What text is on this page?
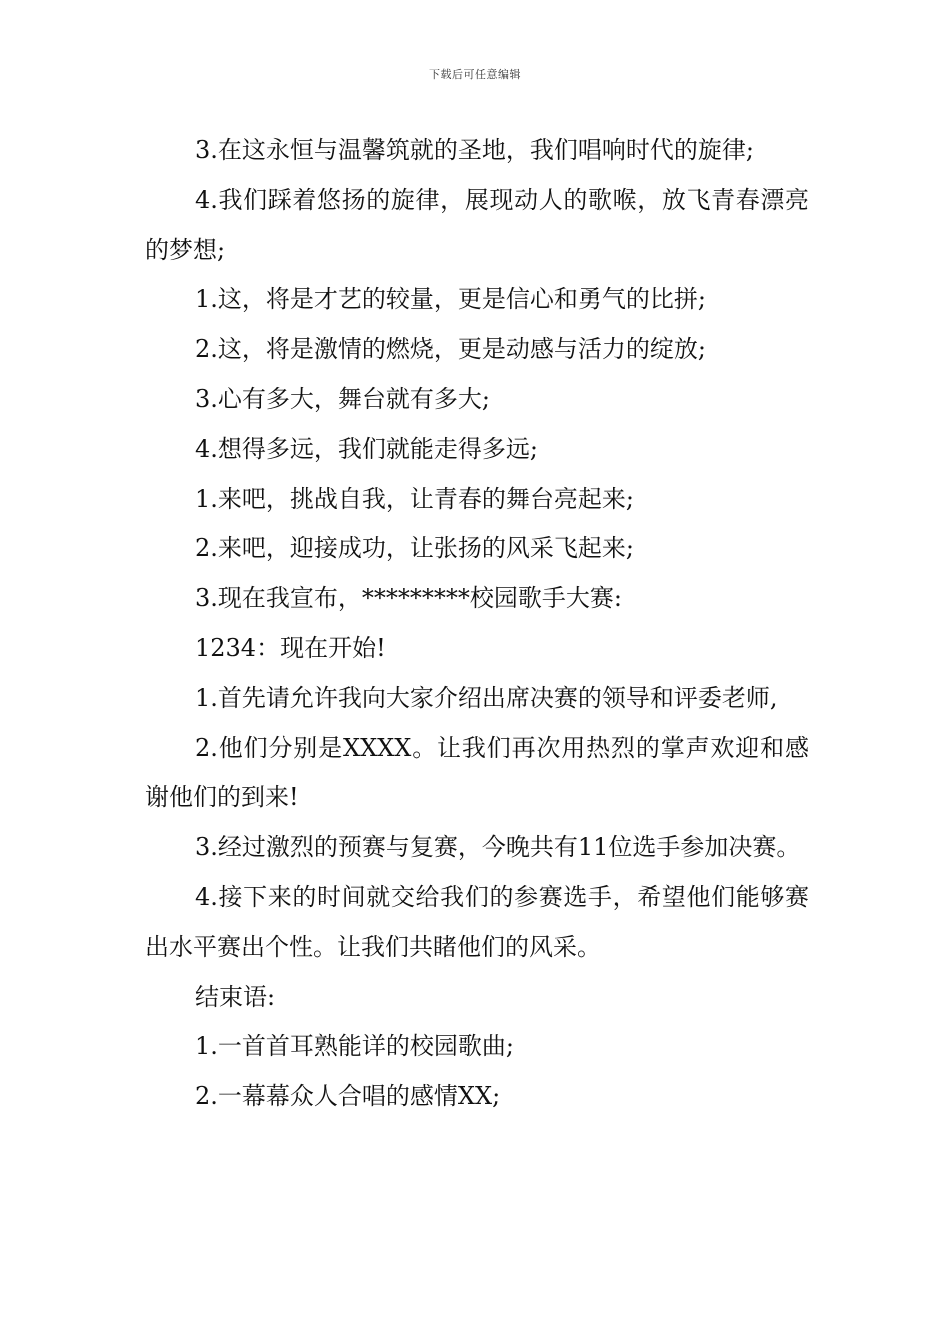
下载后可任意编辑

3.在这永恒与温馨筑就的圣地，我们唱响时代的旋律;

4.我们踩着悠扬的旋律，展现动人的歌喉，放飞青春漂亮的梦想;

1.这，将是才艺的较量，更是信心和勇气的比拼;

2.这，将是激情的燃烧，更是动感与活力的绽放;

3.心有多大，舞台就有多大;

4.想得多远，我们就能走得多远;

1.来吧，挑战自我，让青春的舞台亮起来;

2.来吧，迎接成功，让张扬的风采飞起来;

3.现在我宣布，*********校园歌手大赛:

1234：现在开始!

1.首先请允许我向大家介绍出席决赛的领导和评委老师,

2.他们分别是XXXX。让我们再次用热烈的掌声欢迎和感谢他们的到来!

3.经过激烈的预赛与复赛，今晚共有11位选手参加决赛。

4.接下来的时间就交给我们的参赛选手，希望他们能够赛出水平赛出个性。让我们共睹他们的风采。

结束语:

1.一首首耳熟能详的校园歌曲;

2.一幕幕众人合唱的感情XX;
